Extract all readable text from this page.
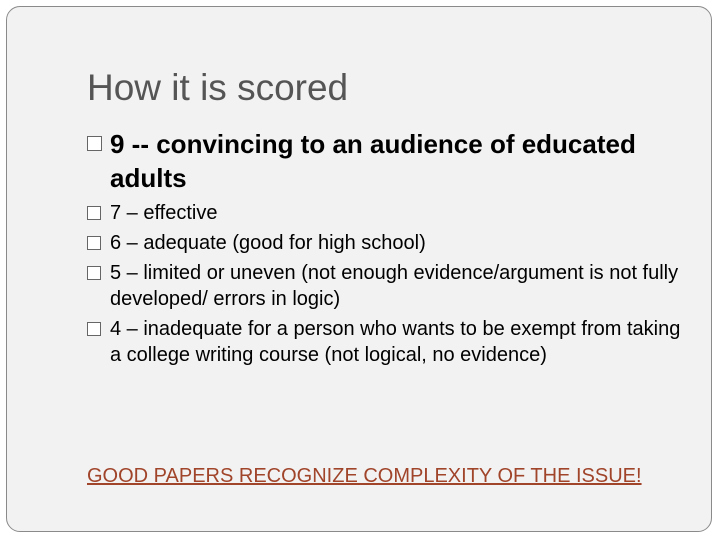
How it is scored
9 -- convincing to an audience of educated adults
7 – effective
6 – adequate (good for high school)
5 – limited or uneven (not enough evidence/argument is not fully developed/ errors in logic)
4 – inadequate for a person who wants to be exempt from taking a college writing course (not logical, no evidence)
GOOD PAPERS RECOGNIZE COMPLEXITY OF THE ISSUE!
